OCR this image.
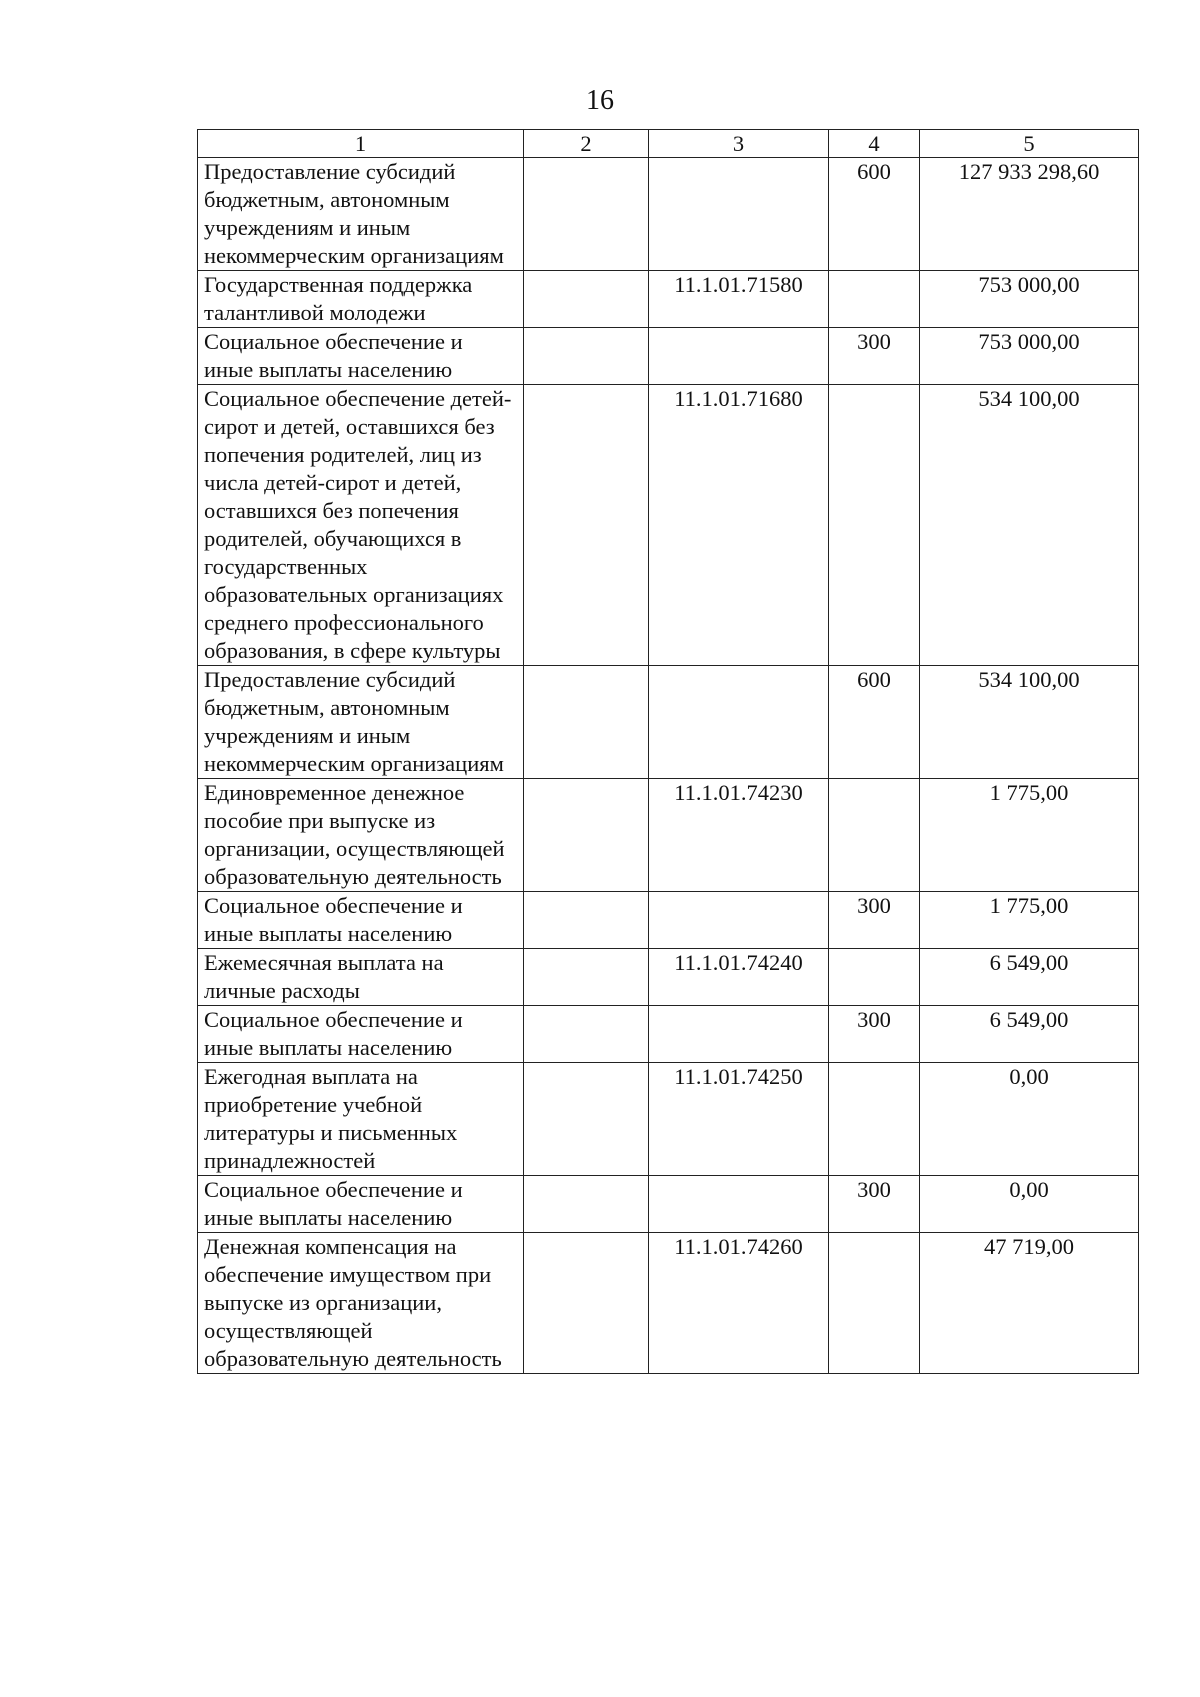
16
1	2	3	4	5
Предоставление субсидий бюджетным, автономным учреждениям и иным некоммерческим организациям			600	127 933 298,60
Государственная поддержка талантливой молодежи		11.1.01.71580		753 000,00
Социальное обеспечение и иные выплаты населению			300	753 000,00
Социальное обеспечение детей-сирот и детей, оставшихся без попечения родителей, лиц из числа детей-сирот и детей, оставшихся без попечения родителей, обучающихся в государственных образовательных организациях среднего профессионального образования, в сфере культуры		11.1.01.71680		534 100,00
Предоставление субсидий бюджетным, автономным учреждениям и иным некоммерческим организациям			600	534 100,00
Единовременное денежное пособие при выпуске из организации, осуществляющей образовательную деятельность		11.1.01.74230		1 775,00
Социальное обеспечение и иные выплаты населению			300	1 775,00
Ежемесячная выплата на личные расходы		11.1.01.74240		6 549,00
Социальное обеспечение и иные выплаты населению			300	6 549,00
Ежегодная выплата на приобретение учебной литературы и письменных принадлежностей		11.1.01.74250		0,00
Социальное обеспечение и иные выплаты населению			300	0,00
Денежная компенсация на обеспечение имуществом при выпуске из организации, осуществляющей образовательную деятельность		11.1.01.74260		47 719,00
